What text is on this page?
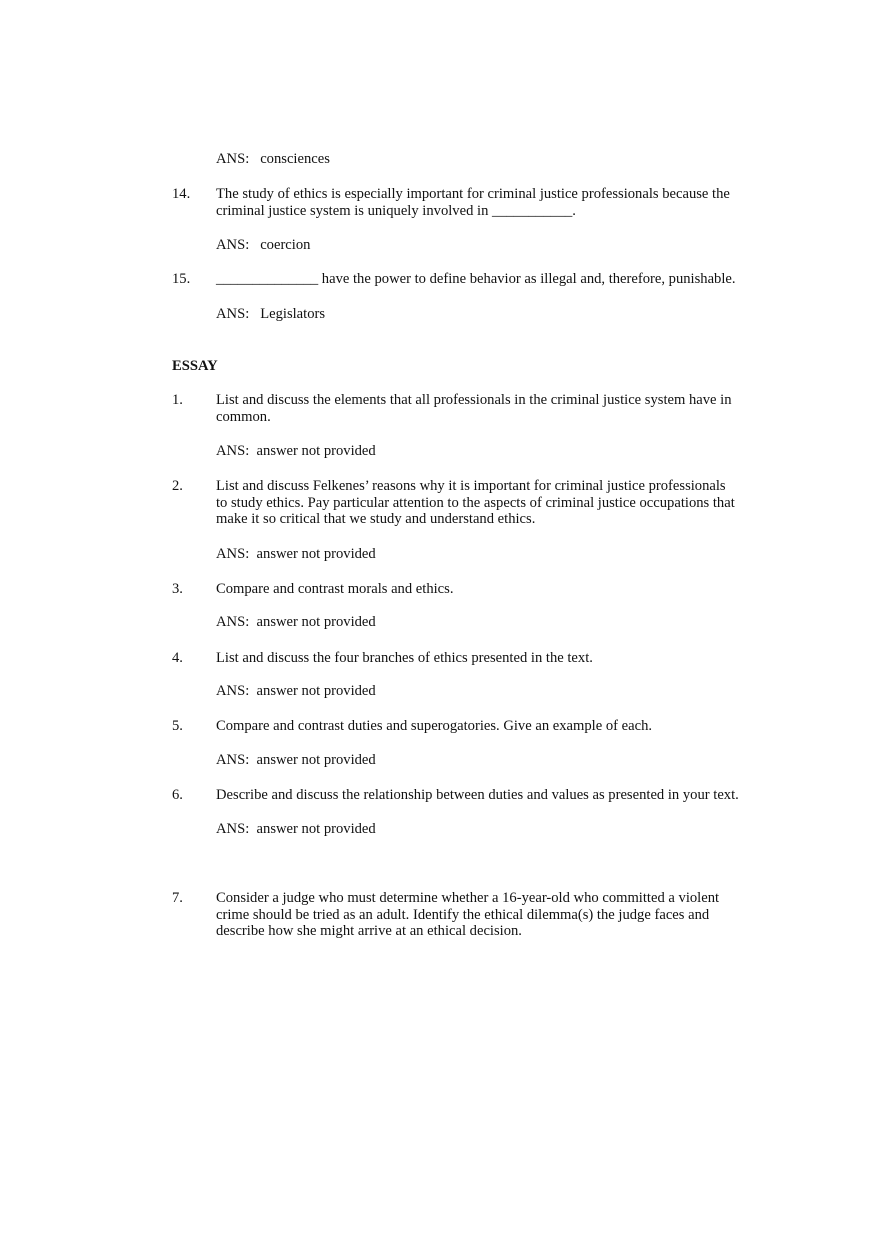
ANS:   consciences
14. The study of ethics is especially important for criminal justice professionals because the
criminal justice system is uniquely involved in ___________.
ANS:   coercion
15. ______________ have the power to define behavior as illegal and, therefore, punishable.
ANS:   Legislators
ESSAY
1. List and discuss the elements that all professionals in the criminal justice system have in
common.
ANS:  answer not provided
2. List and discuss Felkenes’ reasons why it is important for criminal justice professionals
to study ethics. Pay particular attention to the aspects of criminal justice occupations that
make it so critical that we study and understand ethics.
ANS:  answer not provided
3. Compare and contrast morals and ethics.
ANS:  answer not provided
4. List and discuss the four branches of ethics presented in the text.
ANS:  answer not provided
5. Compare and contrast duties and superogatories. Give an example of each.
ANS:  answer not provided
6. Describe and discuss the relationship between duties and values as presented in your text.
ANS:  answer not provided
7. Consider a judge who must determine whether a 16-year-old who committed a violent
crime should be tried as an adult. Identify the ethical dilemma(s) the judge faces and
describe how she might arrive at an ethical decision.
